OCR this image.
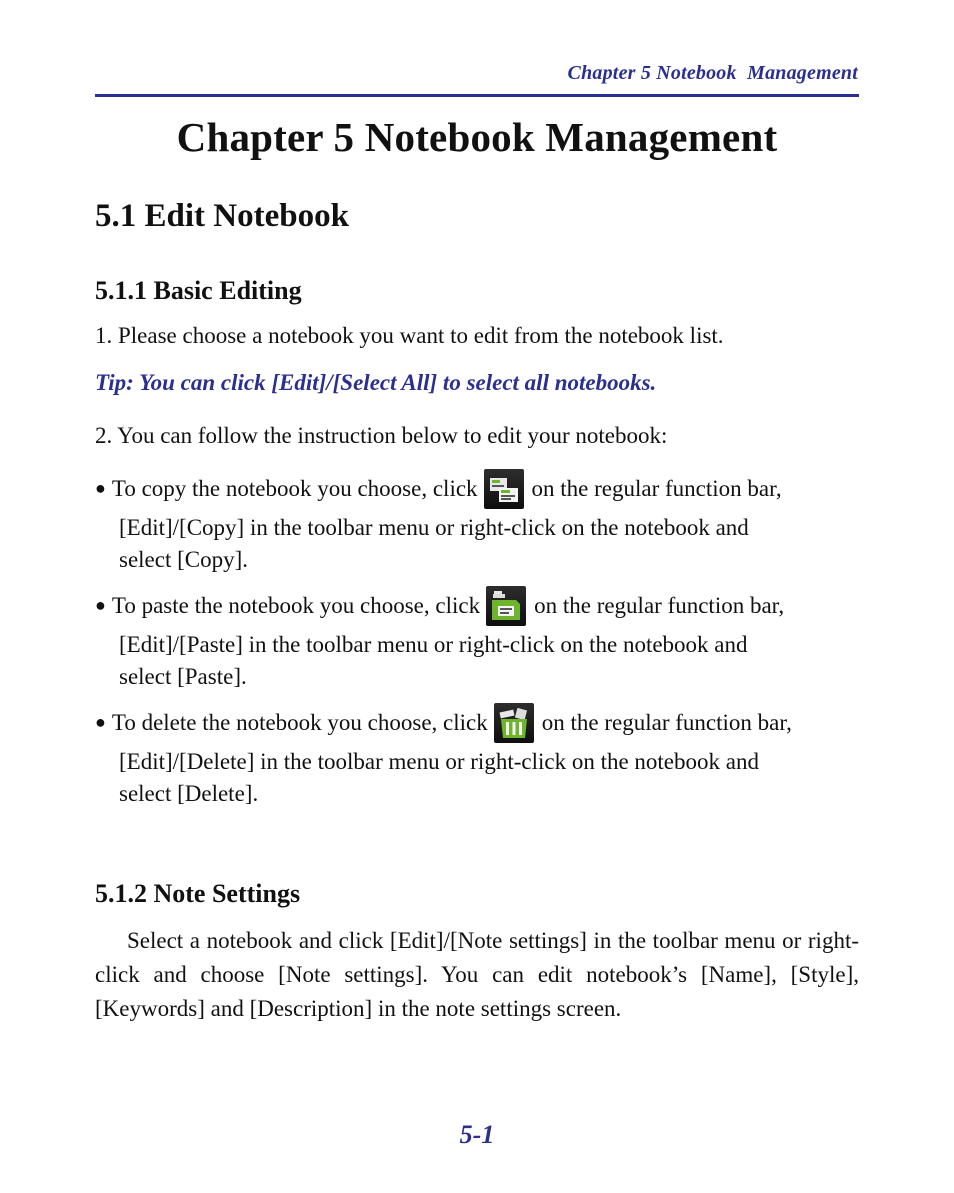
Chapter 5 Notebook  Management
Chapter 5 Notebook Management
5.1 Edit Notebook
5.1.1 Basic Editing

1. Please choose a notebook you want to edit from the notebook list.

Tip: You can click [Edit]/[Select All] to select all notebooks.

2. You can follow the instruction below to edit your notebook:

● To copy the notebook you choose, click on the regular function bar,
[Edit]/[Copy] in the toolbar menu or right-click on the notebook and
select [Copy].
● To paste the notebook you choose, click on the regular function bar,
[Edit]/[Paste] in the toolbar menu or right-click on the notebook and
select [Paste].
● To delete the notebook you choose, click on the regular function bar,
[Edit]/[Delete] in the toolbar menu or right-click on the notebook and
select [Delete].
5.1.2 Note Settings

Select a notebook and click [Edit]/[Note settings] in the toolbar menu or right-click and choose [Note settings]. You can edit notebook’s [Name], [Style], [Keywords] and [Description] in the note settings screen.

5-1
